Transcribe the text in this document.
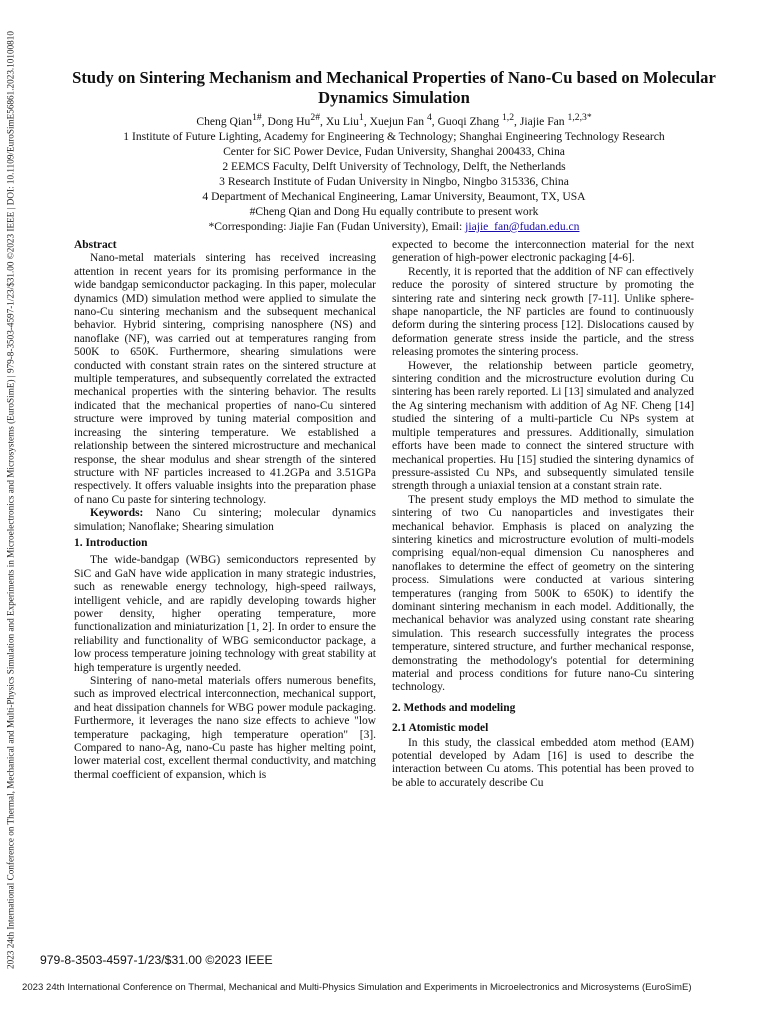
2023 24th International Conference on Thermal, Mechanical and Multi-Physics Simulation and Experiments in Microelectronics and Microsystems (EuroSimE) | 979-8-3503-4597-1/23/$31.00 ©2023 IEEE | DOI: 10.1109/EuroSimE56861.2023.10100810	Study on Sintering Mechanism and Mechanical Properties of Nano-Cu based on Molecular Dynamics Simulation

Cheng Qian$^{1\#}$, Dong $Hu^{2\#}$, Xu Liu$^1$, Xuejun Fan $^4$, Guoqi Zhang $^{1,2}$, Jiajie Fan $^{1,2,3*}$

1 Institute of Future Lighting, Academy for Engineering & Technology; Shanghai Engineering Technology Research

Center for SiC Power Device, Fudan University, Shanghai 200433, China

2 EEMCS Faculty, Delft University of Technology, Delft, the Netherlands

3 Research Institute of Fudan University in Ningbo, Ningbo 315336, China

4 Department of Mechanical Engineering, Lamar University, Beaumont, TX, USA

#Cheng Qian and Dong Hu equally contribute to present work

*Corresponding: Jiajie Fan (Fudan University), Email: jiajie_fan@fudan.edu.cn

Abstract

Nano-metal materials sintering has received increasing attention in recent years for its promising performance in the wide bandgap semiconductor packaging. In this paper, molecular dynamics (MD) simulation method were applied to simulate the nano-Cu sintering mechanism and the subsequent mechanical behavior. Hybrid sintering, comprising nanosphere (NS) and nanoflake (NF), was carried out at temperatures ranging from 500K to 650K. Furthermore, shearing simulations were conducted with constant strain rates on the sintered structure at multiple temperatures, and subsequently correlated the extracted mechanical properties with the sintering behavior. The results indicated that the mechanical properties of nano-Cu sintered structure were improved by tuning material composition and increasing the sintering temperature. We established a relationship between the sintered microstructure and mechanical response, the shear modulus and shear strength of the sintered structure with NF particles increased to 41.2GPa and 3.51GPa respectively. It offers valuable insights into the preparation phase of nano Cu paste for sintering technology.

Keywords: Nano Cu sintering; molecular dynamics simulation; Nanoflake; Shearing simulation

1. Introduction

The wide-bandgap (WBG) semiconductors represented by SiC and GaN have wide application in many strategic industries, such as renewable energy technology, high-speed railways, intelligent vehicle, and are rapidly developing towards higher power density, higher operating temperature, more functionalization and miniaturization [1, 2]. In order to ensure the reliability and functionality of WBG semiconductor package, a low process temperature joining technology with great stability at high temperature is urgently needed.

Sintering of nano-metal materials offers numerous benefits, such as improved electrical interconnection, mechanical support, and heat dissipation channels for WBG power module packaging. Furthermore, it leverages the nano size effects to achieve "low temperature packaging, high temperature operation" [3]. Compared to nano-Ag, nano-Cu paste has higher melting point, lower material cost, excellent thermal conductivity, and matching thermal coefficient of expansion, which is

expected to become the interconnection material for the next generation of high-power electronic packaging [4-6].

Recently, it is reported that the addition of NF can effectively reduce the porosity of sintered structure by promoting the sintering rate and sintering neck growth [7-11]. Unlike sphere-shape nanoparticle, the NF particles are found to continuously deform during the sintering process [12]. Dislocations caused by deformation generate stress inside the particle, and the stress releasing promotes the sintering process.

However, the relationship between particle geometry, sintering condition and the microstructure evolution during Cu sintering has been rarely reported. Li [13] simulated and analyzed the Ag sintering mechanism with addition of Ag NF. Cheng [14] studied the sintering of a multi-particle Cu NPs system at multiple temperatures and pressures. Additionally, simulation efforts have been made to connect the sintered structure with mechanical properties. Hu [15] studied the sintering dynamics of pressure-assisted Cu NPs, and subsequently simulated tensile strength through a uniaxial tension at a constant strain rate.

The present study employs the MD method to simulate the sintering of two Cu nanoparticles and investigates their mechanical behavior. Emphasis is placed on analyzing the sintering kinetics and microstructure evolution of multi-models comprising equal/non-equal dimension Cu nanospheres and nanoflakes to determine the effect of geometry on the sintering process. Simulations were conducted at various sintering temperatures (ranging from 500K to 650K) to identify the dominant sintering mechanism in each model. Additionally, the mechanical behavior was analyzed using constant rate shearing simulation. This research successfully integrates the process temperature, sintered structure, and further mechanical response, demonstrating the methodology's potential for determining material and process conditions for future nano-Cu sintering technology.

2. Methods and modeling

2.1 Atomistic model

In this study, the classical embedded atom method (EAM) potential developed by Adam [16] is used to describe the interaction between Cu atoms. This potential has been proved to be able to accurately describe Cu

979-8-3503-4597-1/23/$31.00 ©2023 IEEE
2023 24th International Conference on Thermal, Mechanical and Multi-Physics Simulation and Experiments in Microelectronics and Microsystems (EuroSimE)
